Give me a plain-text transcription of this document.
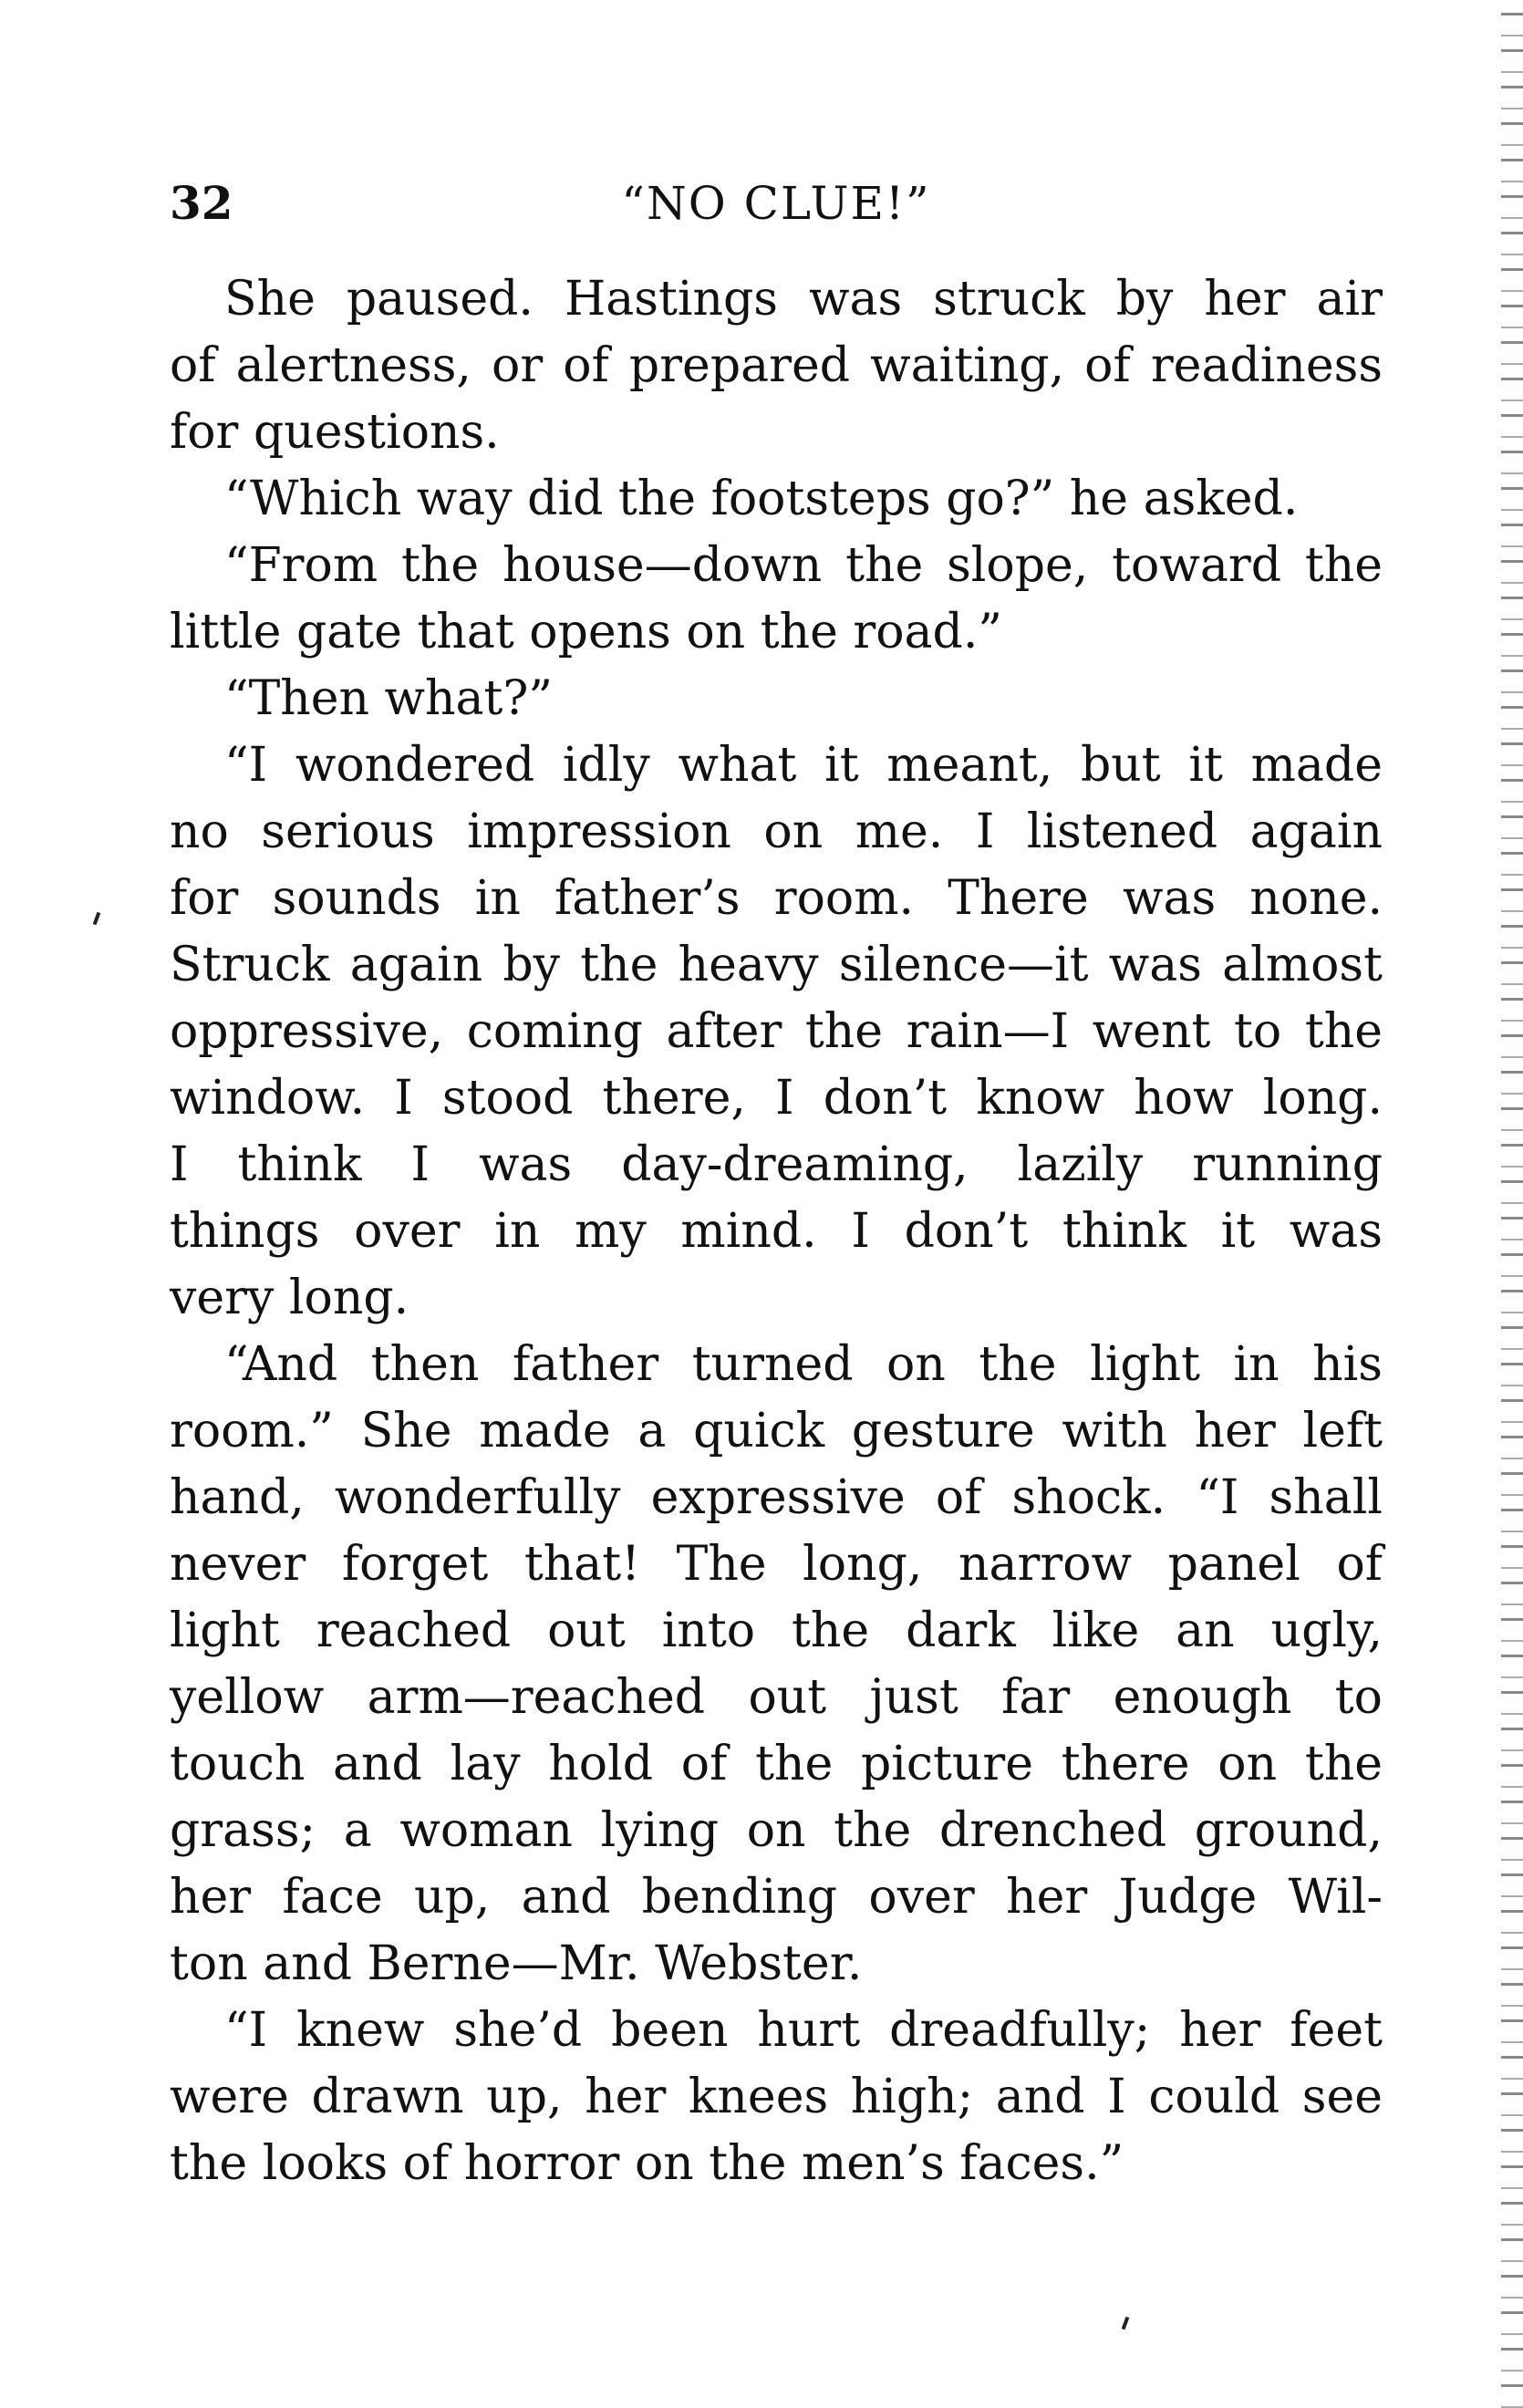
32	“NO CLUE!”

She paused. Hastings was struck by her air
of alertness, or of prepared waiting, of readiness
for questions.

“Which way did the footsteps go?” he asked.

“From the house—down the slope, toward the
little gate that opens on the road.”

“Then what?”

“I wondered idly what it meant, but it made
no serious impression on me. I listened again
for sounds in father’s room. There was none.
Struck again by the heavy silence—it was almost
oppressive, coming after the rain—I went to the
window. I stood there, I don’t know how long.
I think I was day-dreaming, lazily running
things over in my mind. I don’t think it was
very long.

“And then father turned on the light in his
room.” She made a quick gesture with her left
hand, wonderfully expressive of shock. “I shall
never forget that! The long, narrow panel of
light reached out into the dark like an ugly,
yellow arm—reached out just far enough to
touch and lay hold of the picture there on the
grass; a woman lying on the drenched ground,
her face up, and bending over her Judge Wil-
ton and Berne—Mr. Webster.

“I knew she’d been hurt dreadfully; her feet
were drawn up, her knees high; and I could see
the looks of horror on the men’s faces.”
